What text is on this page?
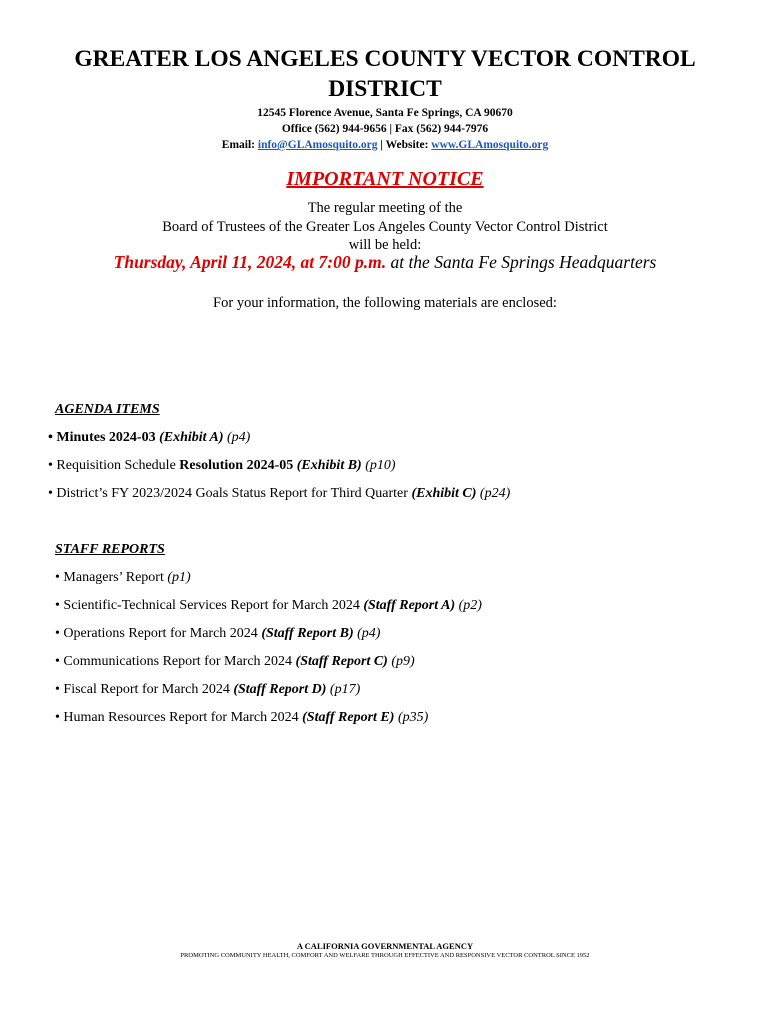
GREATER LOS ANGELES COUNTY VECTOR CONTROL DISTRICT
12545 Florence Avenue, Santa Fe Springs, CA 90670
Office (562) 944-9656 | Fax (562) 944-7976
Email: info@GLAmosquito.org | Website: www.GLAmosquito.org
IMPORTANT NOTICE
The regular meeting of the
Board of Trustees of the Greater Los Angeles County Vector Control District
will be held:
Thursday, April 11, 2024, at 7:00 p.m. at the Santa Fe Springs Headquarters
For your information, the following materials are enclosed:
AGENDA ITEMS
• Minutes 2024-03 (Exhibit A) (p4)
• Requisition Schedule Resolution 2024-05 (Exhibit B) (p10)
• District’s FY 2023/2024 Goals Status Report for Third Quarter (Exhibit C) (p24)
STAFF REPORTS
• Managers’ Report (p1)
• Scientific-Technical Services Report for March 2024 (Staff Report A) (p2)
• Operations Report for March 2024 (Staff Report B) (p4)
• Communications Report for March 2024 (Staff Report C) (p9)
• Fiscal Report for March 2024 (Staff Report D) (p17)
• Human Resources Report for March 2024 (Staff Report E) (p35)
A CALIFORNIA GOVERNMENTAL AGENCY
PROMOTING COMMUNITY HEALTH, COMFORT AND WELFARE THROUGH EFFECTIVE AND RESPONSIVE VECTOR CONTROL SINCE 1952
